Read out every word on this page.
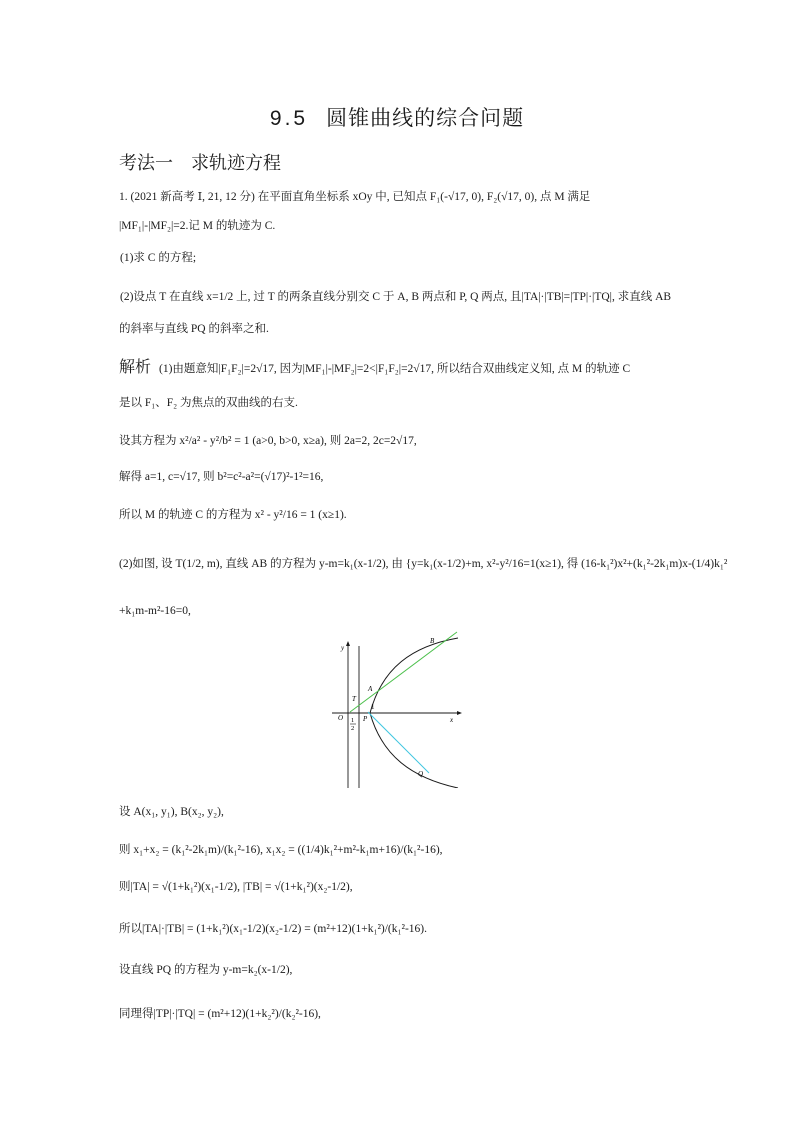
9.5 圆锥曲线的综合问题
考法一　求轨迹方程
1. (2021 新高考 Ⅰ, 21, 12 分) 在平面直角坐标系 xOy 中, 已知点 F₁(-√17, 0), F₂(√17, 0), 点 M 满足
|MF₁|-|MF₂|=2.记 M 的轨迹为 C.
(1)求 C 的方程;
(2)设点 T 在直线 x=1/2 上, 过 T 的两条直线分别交 C 于 A, B 两点和 P, Q 两点, 且|TA|·|TB|=|TP|·|TQ|, 求直线 AB
的斜率与直线 PQ 的斜率之和.
解析 (1)由题意知|F₁F₂|=2√17, 因为|MF₁|-|MF₂|=2<|F₁F₂|=2√17, 所以结合双曲线定义知, 点 M 的轨迹 C
是以 F₁、F₂ 为焦点的双曲线的右支.
设其方程为 x²/a² - y²/b² = 1 (a>0, b>0, x≥a), 则 2a=2, 2c=2√17,
解得 a=1, c=√17, 则 b²=c²-a²=(√17)²-1²=16,
所以 M 的轨迹 C 的方程为 x² - y²/16 = 1 (x≥1).
(2)如图, 设 T(1/2, m), 直线 AB 的方程为 y-m=k₁(x-1/2), 由 {y=k₁(x-1/2)+m, x²-y²/16=1(x≥1), 得 (16-k₁²)x²+(k₁²-2k₁m)x-(1/4)k₁²
+k₁m-m²-16=0,
y
x
O
T
A
B
P
Q
1
1
2
设 A(x₁, y₁), B(x₂, y₂),
则 x₁+x₂ = (k₁²-2k₁m)/(k₁²-16), x₁x₂ = ((1/4)k₁²+m²-k₁m+16)/(k₁²-16),
则|TA| = √(1+k₁²)(x₁-1/2), |TB| = √(1+k₁²)(x₂-1/2),
所以|TA|·|TB| = (1+k₁²)(x₁-1/2)(x₂-1/2) = (m²+12)(1+k₁²)/(k₁²-16).
设直线 PQ 的方程为 y-m=k₂(x-1/2),
同理得|TP|·|TQ| = (m²+12)(1+k₂²)/(k₂²-16),
